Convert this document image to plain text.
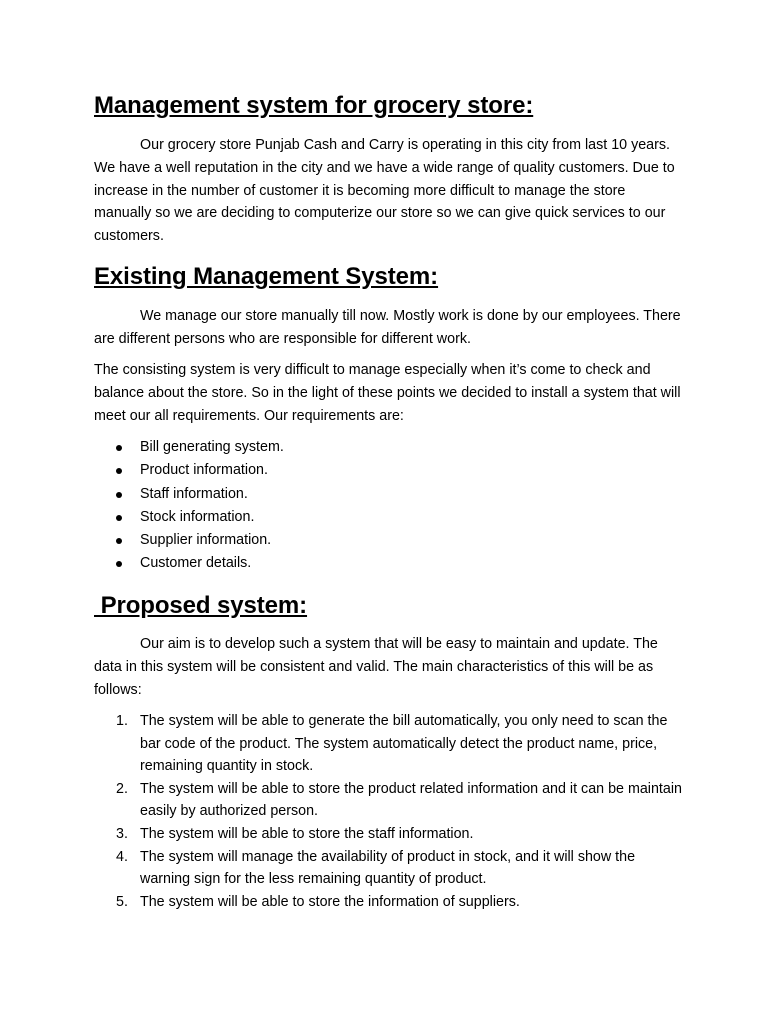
Management system for grocery store:

Our grocery store Punjab Cash and Carry is operating in this city from last 10 years. We have a well reputation in the city and we have a wide range of quality customers. Due to increase in the number of customer it is becoming more difficult to manage the store manually so we are deciding to computerize our store so we can give quick services to our customers.

Existing Management System:

We manage our store manually till now. Mostly work is done by our employees. There are different persons who are responsible for different work.

The consisting system is very difficult to manage especially when it’s come to check and balance about the store. So in the light of these points we decided to install a system that will meet our all requirements. Our requirements are:

Bill generating system.
Product information.
Staff information.
Stock information.
Supplier information.
Customer details.
Proposed system:

Our aim is to develop such a system that will be easy to maintain and update. The data in this system will be consistent and valid. The main characteristics of this will be as follows:

1. The system will be able to generate the bill automatically, you only need to scan the bar code of the product. The system automatically detect the product name, price, remaining quantity in stock.
2. The system will be able to store the product related information and it can be maintain easily by authorized person.
3. The system will be able to store the staff information.
4. The system will manage the availability of product in stock, and it will show the warning sign for the less remaining quantity of product.
5. The system will be able to store the information of suppliers.
